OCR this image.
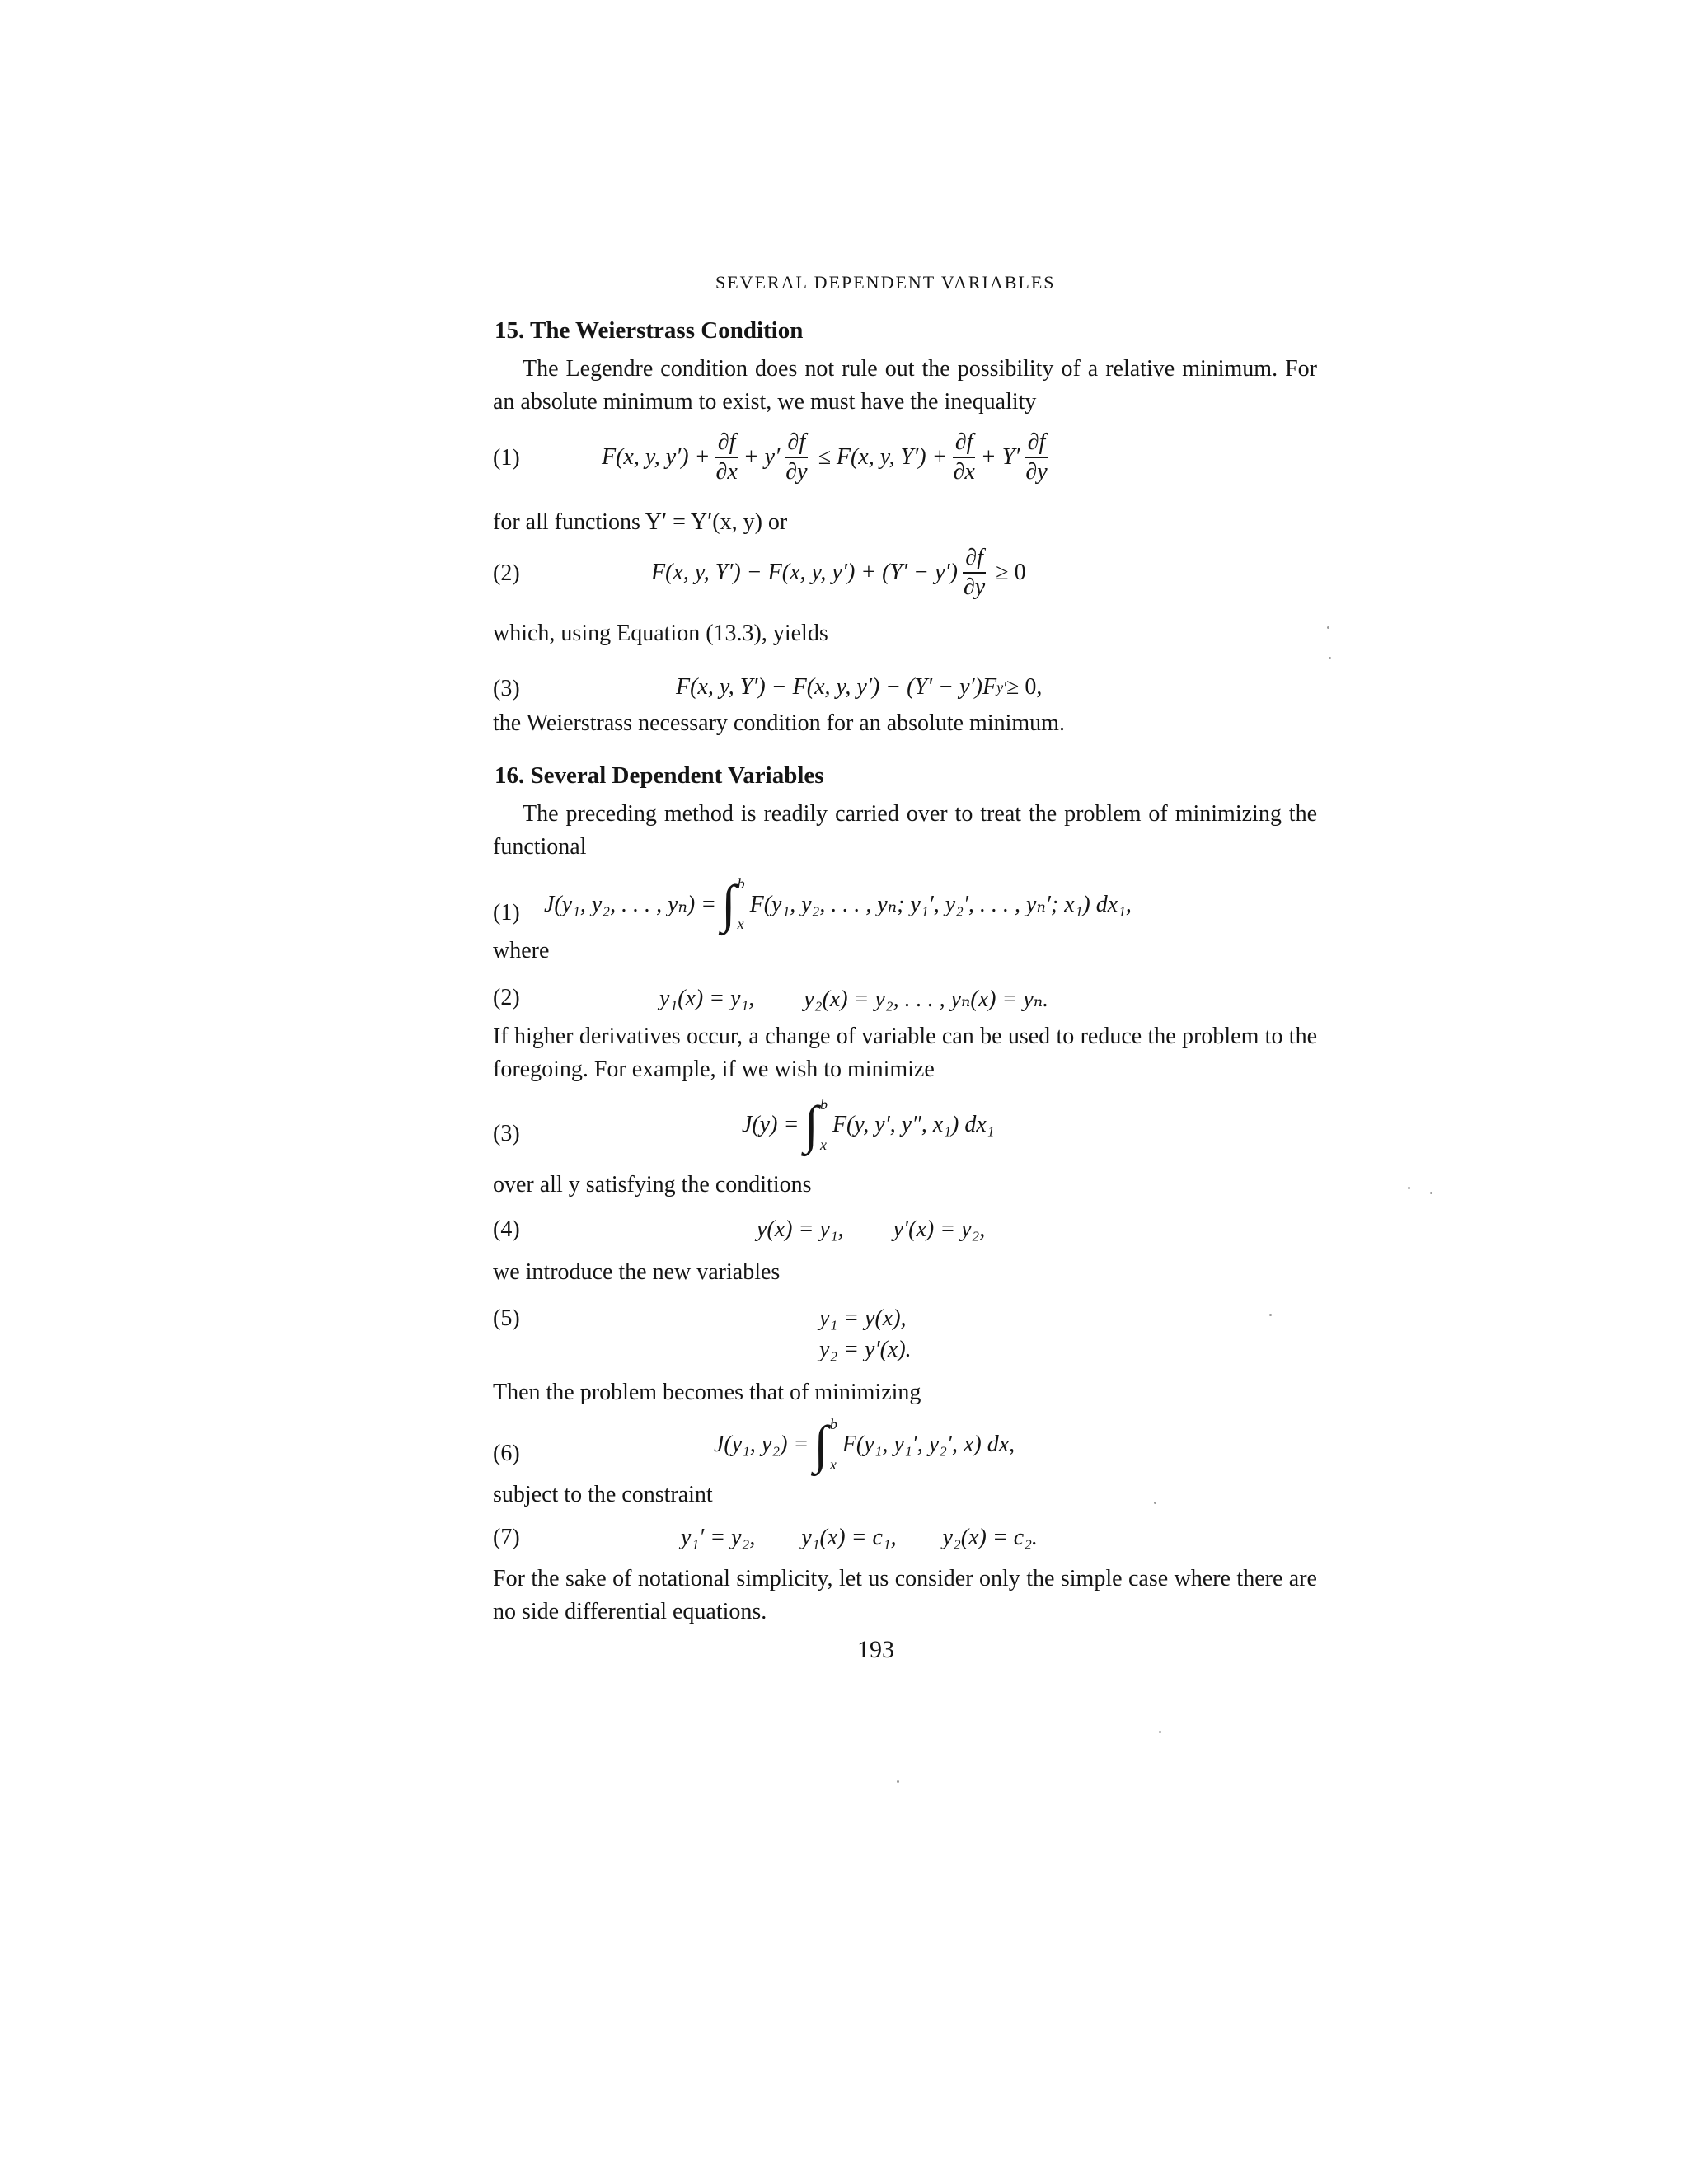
SEVERAL DEPENDENT VARIABLES
15. The Weierstrass Condition
The Legendre condition does not rule out the possibility of a relative minimum. For an absolute minimum to exist, we must have the inequality
(1)	F(x, y, $y') + \frac{\partial f}{\partial x} + y' \frac{\partial f}{\partial y} \le F(x$, y, $Y') + \frac{\partial f}{\partial x} + Y' \frac{\partial f}{\partial y}$
for all functions Y′ = Y′(x, y) or
(2)	F(x, y, Y′) − F(x, y, $y') + (Y' - y') \frac{\partial f}{\partial y} \ge 0$
which, using Equation (13.3), yields
(3)	F(x, y, Y′) − F(x, y, y′) − (Y′ − y′)F y′ ≥ 0,
the Weierstrass necessary condition for an absolute minimum.
16. Several Dependent Variables
The preceding method is readily carried over to treat the problem of minimizing the functional
(1) J(y₁, y₂, . . . , yₙ) = ∫ b
x
F(y₁, y₂, . . . , yₙ; y₁′, y₂′, . . . , yₙ′; x₁) dx₁,
where
(2)	y₁(x) = y₁, y₂(x) = y₂, . . . , yₙ(x) = yₙ.
If higher derivatives occur, a change of variable can be used to reduce the problem to the foregoing. For example, if we wish to minimize
(3)	J(y) = ∫ b
x
F(y, y′, y″, x₁) dx₁
over all y satisfying the conditions
(4)	y(x) = y₁, y′(x) = y₂,
we introduce the new variables
(5)	y₁ = y(x),
y₂ = y′(x).
Then the problem becomes that of minimizing
(6)	J(y₁, y₂) = ∫ b
x
F(y₁, y₁′, y₂′, x) dx,
subject to the constraint
(7)	y₁′ = y₂, y₁(x) = c₁, y₂(x) = c₂.
For the sake of notational simplicity, let us consider only the simple case where there are no side differential equations.
193
